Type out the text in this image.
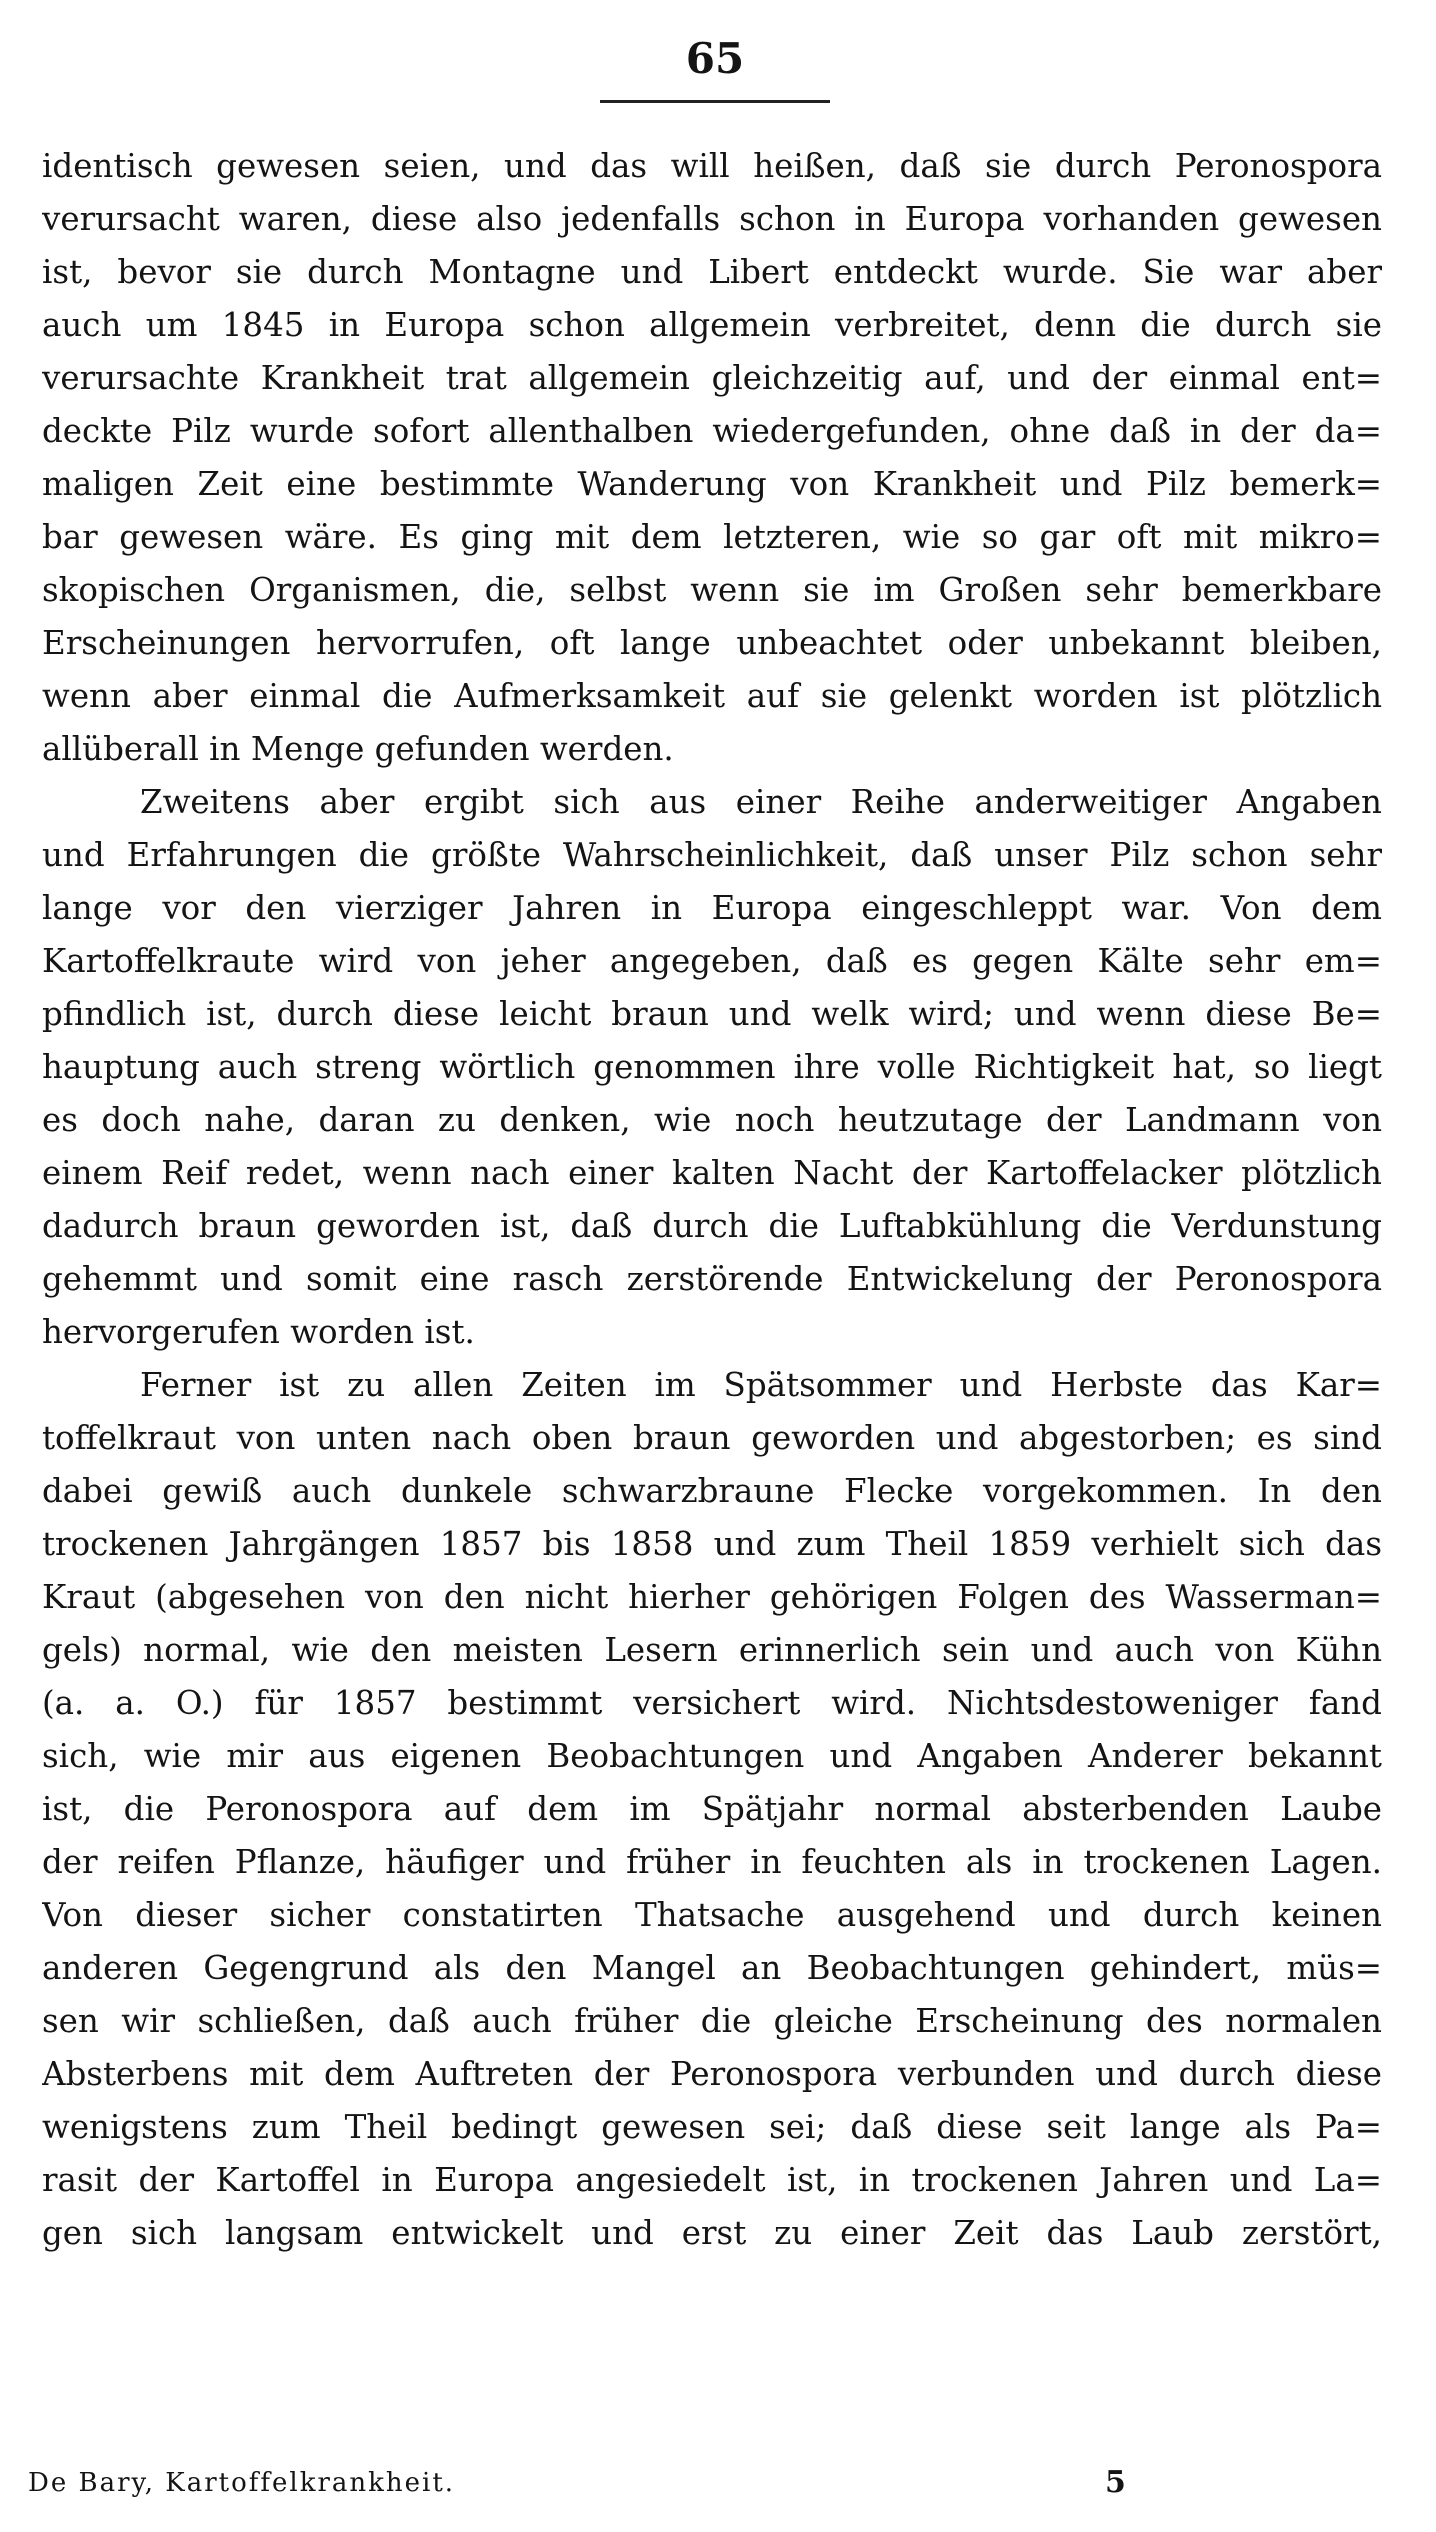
65
identisch gewesen seien, und das will heißen, daß sie durch Peronospora
verursacht waren, diese also jedenfalls schon in Europa vorhanden gewesen
ist, bevor sie durch Montagne und Libert entdeckt wurde. Sie war aber
auch um 1845 in Europa schon allgemein verbreitet, denn die durch sie
verursachte Krankheit trat allgemein gleichzeitig auf, und der einmal ent=
deckte Pilz wurde sofort allenthalben wiedergefunden, ohne daß in der da=
maligen Zeit eine bestimmte Wanderung von Krankheit und Pilz bemerk=
bar gewesen wäre. Es ging mit dem letzteren, wie so gar oft mit mikro=
skopischen Organismen, die, selbst wenn sie im Großen sehr bemerkbare
Erscheinungen hervorrufen, oft lange unbeachtet oder unbekannt bleiben,
wenn aber einmal die Aufmerksamkeit auf sie gelenkt worden ist plötzlich
allüberall in Menge gefunden werden.
Zweitens aber ergibt sich aus einer Reihe anderweitiger Angaben
und Erfahrungen die größte Wahrscheinlichkeit, daß unser Pilz schon sehr
lange vor den vierziger Jahren in Europa eingeschleppt war. Von dem
Kartoffelkraute wird von jeher angegeben, daß es gegen Kälte sehr em=
pfindlich ist, durch diese leicht braun und welk wird; und wenn diese Be=
hauptung auch streng wörtlich genommen ihre volle Richtigkeit hat, so liegt
es doch nahe, daran zu denken, wie noch heutzutage der Landmann von
einem Reif redet, wenn nach einer kalten Nacht der Kartoffelacker plötzlich
dadurch braun geworden ist, daß durch die Luftabkühlung die Verdunstung
gehemmt und somit eine rasch zerstörende Entwickelung der Peronospora
hervorgerufen worden ist.
Ferner ist zu allen Zeiten im Spätsommer und Herbste das Kar=
toffelkraut von unten nach oben braun geworden und abgestorben; es sind
dabei gewiß auch dunkele schwarzbraune Flecke vorgekommen. In den
trockenen Jahrgängen 1857 bis 1858 und zum Theil 1859 verhielt sich das
Kraut (abgesehen von den nicht hierher gehörigen Folgen des Wasserman=
gels) normal, wie den meisten Lesern erinnerlich sein und auch von Kühn
(a. a. O.) für 1857 bestimmt versichert wird. Nichtsdestoweniger fand
sich, wie mir aus eigenen Beobachtungen und Angaben Anderer bekannt
ist, die Peronospora auf dem im Spätjahr normal absterbenden Laube
der reifen Pflanze, häufiger und früher in feuchten als in trockenen Lagen.
Von dieser sicher constatirten Thatsache ausgehend und durch keinen
anderen Gegengrund als den Mangel an Beobachtungen gehindert, müs=
sen wir schließen, daß auch früher die gleiche Erscheinung des normalen
Absterbens mit dem Auftreten der Peronospora verbunden und durch diese
wenigstens zum Theil bedingt gewesen sei; daß diese seit lange als Pa=
rasit der Kartoffel in Europa angesiedelt ist, in trockenen Jahren und La=
gen sich langsam entwickelt und erst zu einer Zeit das Laub zerstört,
De Bary, Kartoffelkrankheit.	5
